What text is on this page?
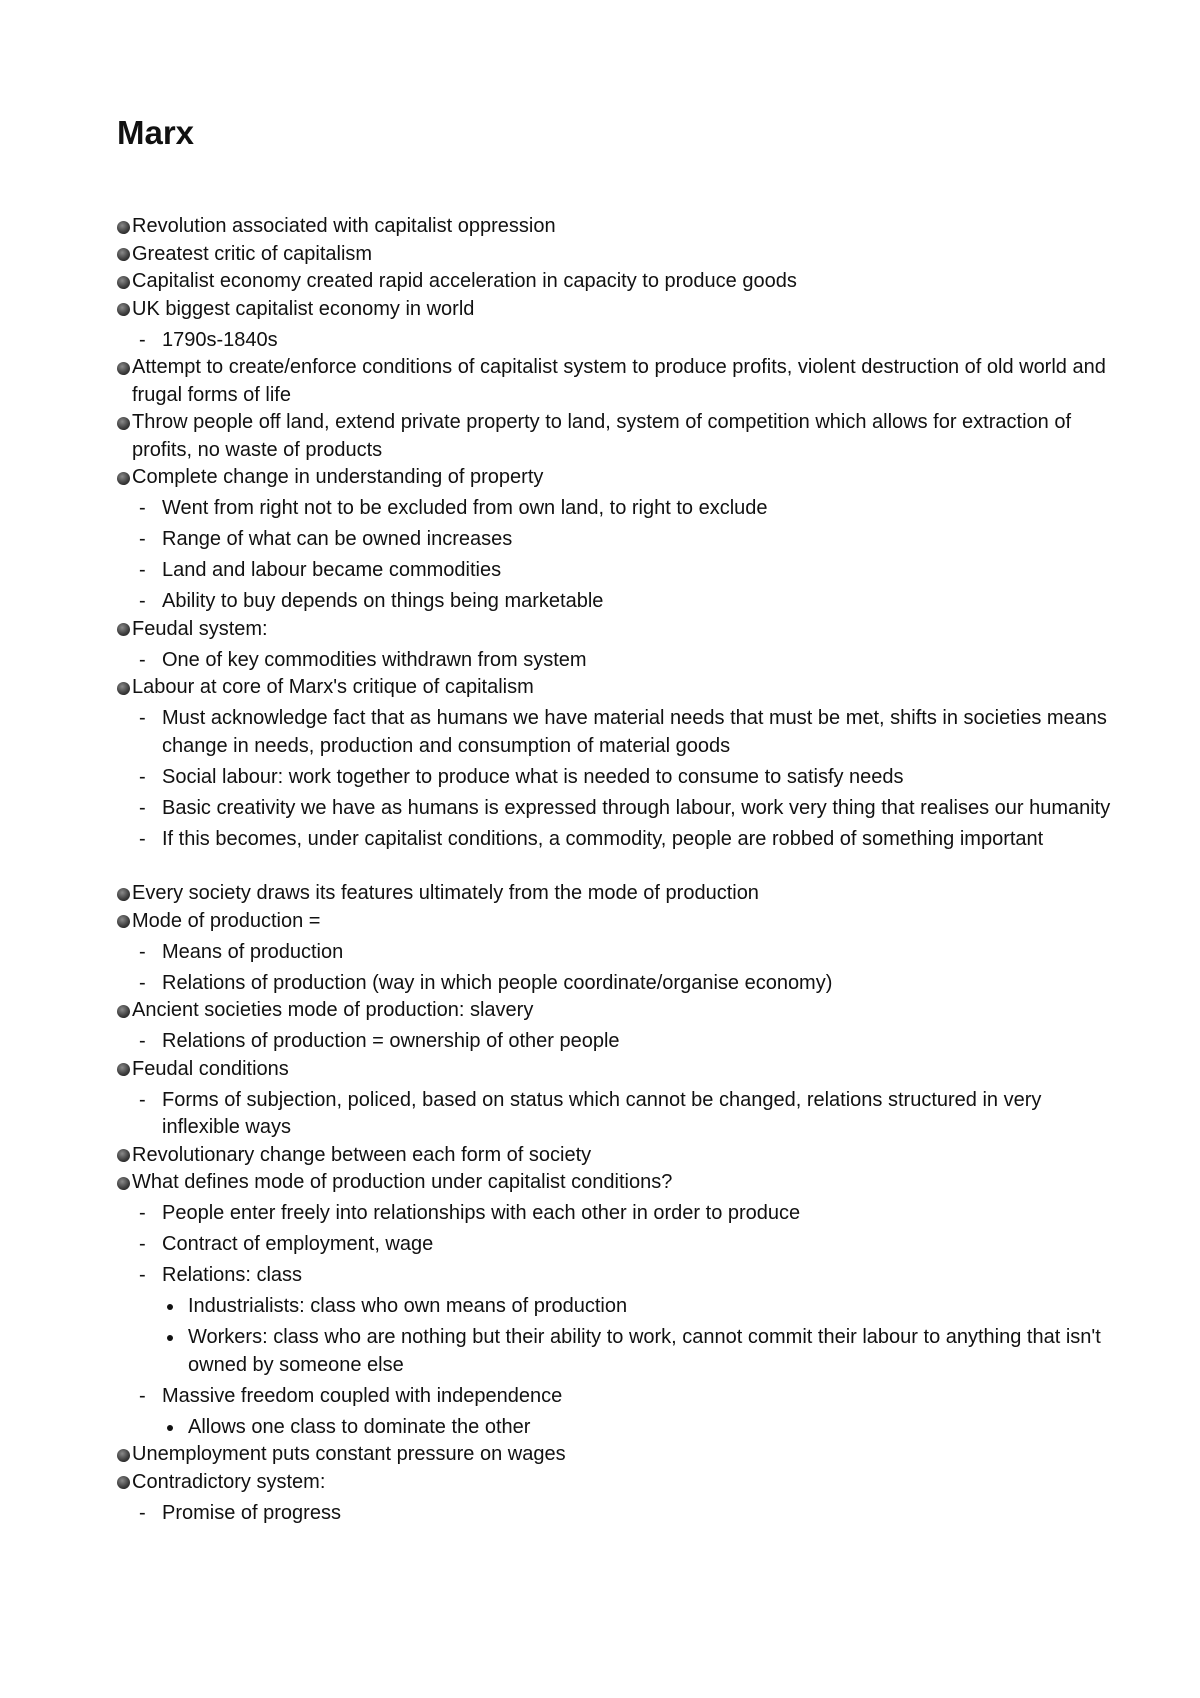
Marx
Revolution associated with capitalist oppression
Greatest critic of capitalism
Capitalist economy created rapid acceleration in capacity to produce goods
UK biggest capitalist economy in world
- 1790s-1840s
Attempt to create/enforce conditions of capitalist system to produce profits, violent destruction of old world and frugal forms of life
Throw people off land, extend private property to land, system of competition which allows for extraction of profits, no waste of products
Complete change in understanding of property
- Went from right not to be excluded from own land, to right to exclude
- Range of what can be owned increases
- Land and labour became commodities
- Ability to buy depends on things being marketable
Feudal system:
- One of key commodities withdrawn from system
Labour at core of Marx's critique of capitalism
- Must acknowledge fact that as humans we have material needs that must be met, shifts in societies means change in needs, production and consumption of material goods
- Social labour: work together to produce what is needed to consume to satisfy needs
- Basic creativity we have as humans is expressed through labour, work very thing that realises our humanity
- If this becomes, under capitalist conditions, a commodity, people are robbed of something important
Every society draws its features ultimately from the mode of production
Mode of production =
- Means of production
- Relations of production (way in which people coordinate/organise economy)
Ancient societies mode of production: slavery
- Relations of production = ownership of other people
Feudal conditions
- Forms of subjection, policed, based on status which cannot be changed, relations structured in very inflexible ways
Revolutionary change between each form of society
What defines mode of production under capitalist conditions?
- People enter freely into relationships with each other in order to produce
- Contract of employment, wage
- Relations: class
Industrialists: class who own means of production
Workers: class who are nothing but their ability to work, cannot commit their labour to anything that isn't owned by someone else
- Massive freedom coupled with independence
Allows one class to dominate the other
Unemployment puts constant pressure on wages
Contradictory system:
- Promise of progress
